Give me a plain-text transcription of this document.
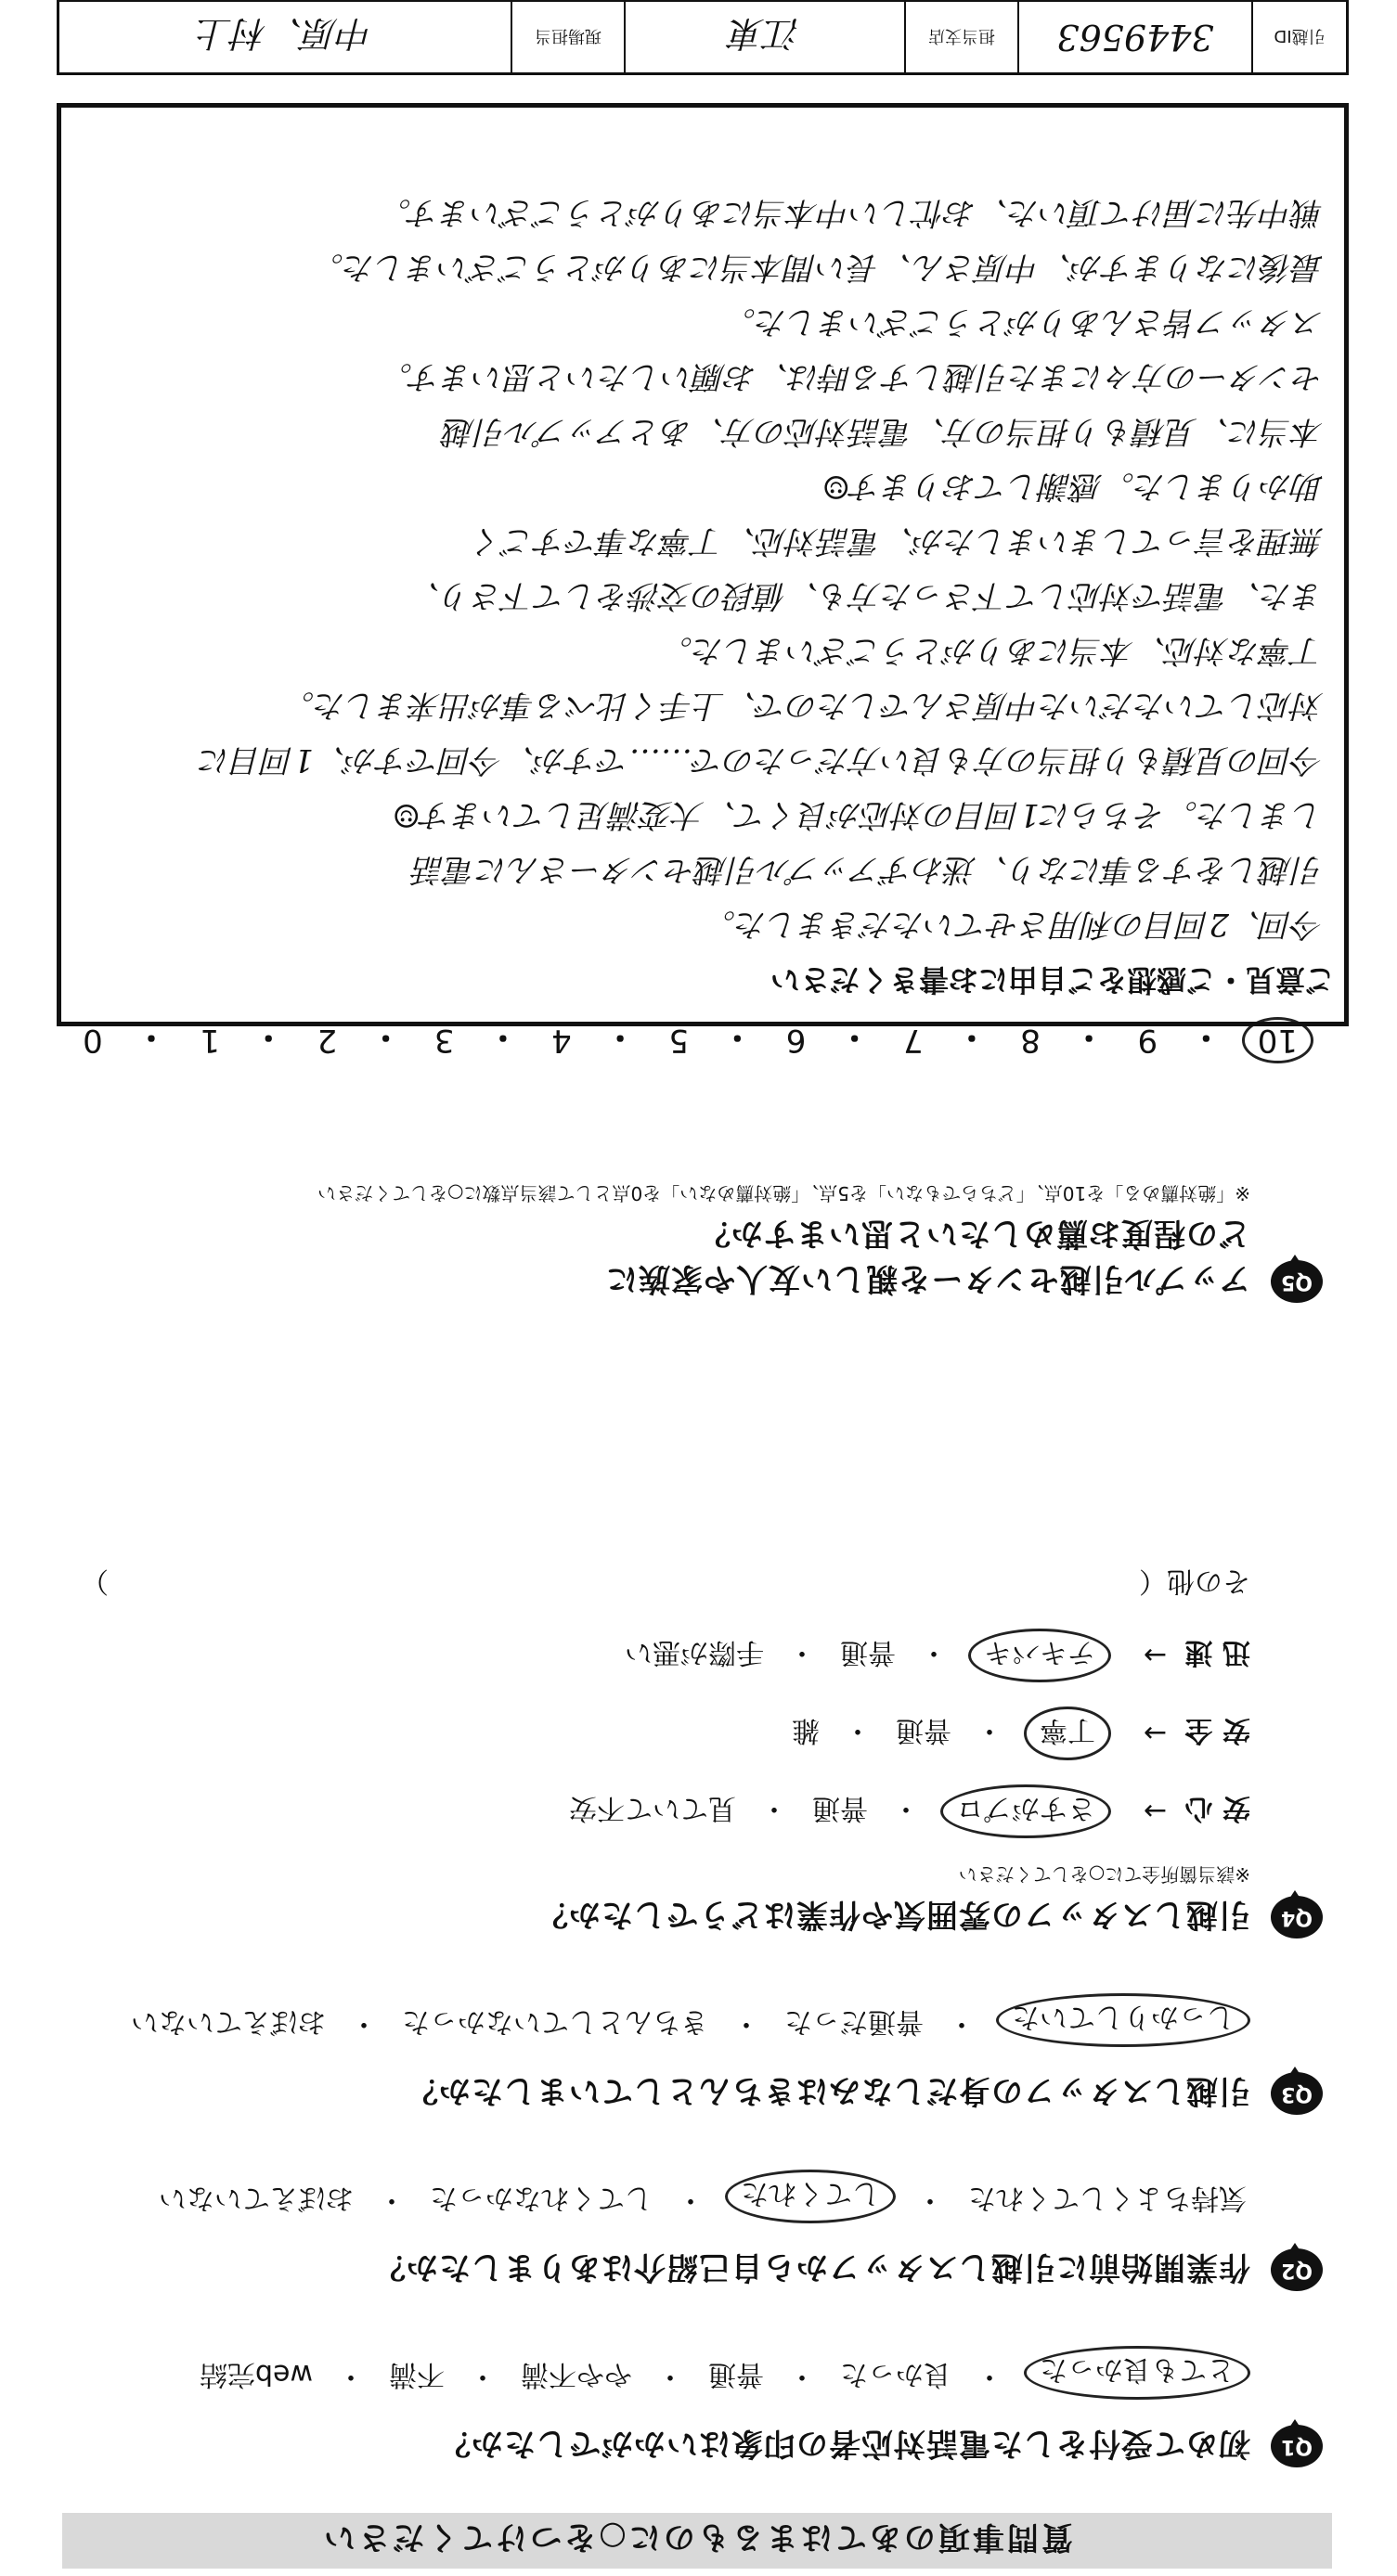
質問事項のあてはまるものに○をつけてください
Q1
初めて受付をした電話対応者の印象はいかがでしたか？
とても良かった
・
良かった
・
普通
・
やや不満
・
不満
・
web完結
Q2
作業開始前に引越しスタッフから自己紹介はありましたか？
気持ちよくしてくれた
・
してくれた
・
してくれなかった
・
おぼえていない
Q3
引越しスタッフの身だしなみはきちんとしていましたか？
しっかりしていた
・
普通だった
・
きちんとしていなかった
・
おぼえていない
Q4
引越しスタッフの雰囲気や作業はどうでしたか？
※該当箇所全てに○をしてください
安 心
→
さすがプロ
・
普通
・
見ていて不安
安 全
→
丁寧
・
普通
・
雑
迅 速
→
テキパキ
・
普通
・
手際が悪い
その他（　　　　　　　　　　　　　　　　　　　　　　　　　　　　　　　　　　　　　）
Q5
アップル引越センターを親しい友人や家族に
どの程度お薦めしたいと思いますか？
※「絶対薦める」を10点、「どちらでもない」を5点、「絶対薦めない」を0点として該当点数に○をしてください
10
・
9
・
8
・
7
・
6
・
5
・
4
・
3
・
2
・
1
・
0
ご意見・ご感想をご自由にお書きください

今回、2回目の利用させていただきました。

引越しをする事になり、迷わずアップル引越センターさんに電話

しました。そちらに1回目の対応が良くて、大変満足しています☺

今回の見積もり担当の方も良い方だったので……ですが、今回ですが、1回目に

対応していただいた中原さんでしたので、上手く比べる事が出来ました。

丁寧な対応、本当にありがとうございました。

また、電話で対応して下さった方も、値段の交渉をして下さり、

無理を言ってしまいましたが、電話対応、丁寧な事ですごく

助かりました。感謝しております☺

本当に、見積もり担当の方、電話対応の方、あとアップル引越

センターの方々にまた引越しする時は、お願いしたいと思います。

スタッフ皆さんありがとうございました。

最後になりますが、中原さん、長い間本当にありがとうございました。

戦中先に届けて頂いた、お忙しい中本当にありがとうございます。

引越ID
3449563
担当支店
江東
現場担当
中原、村上
